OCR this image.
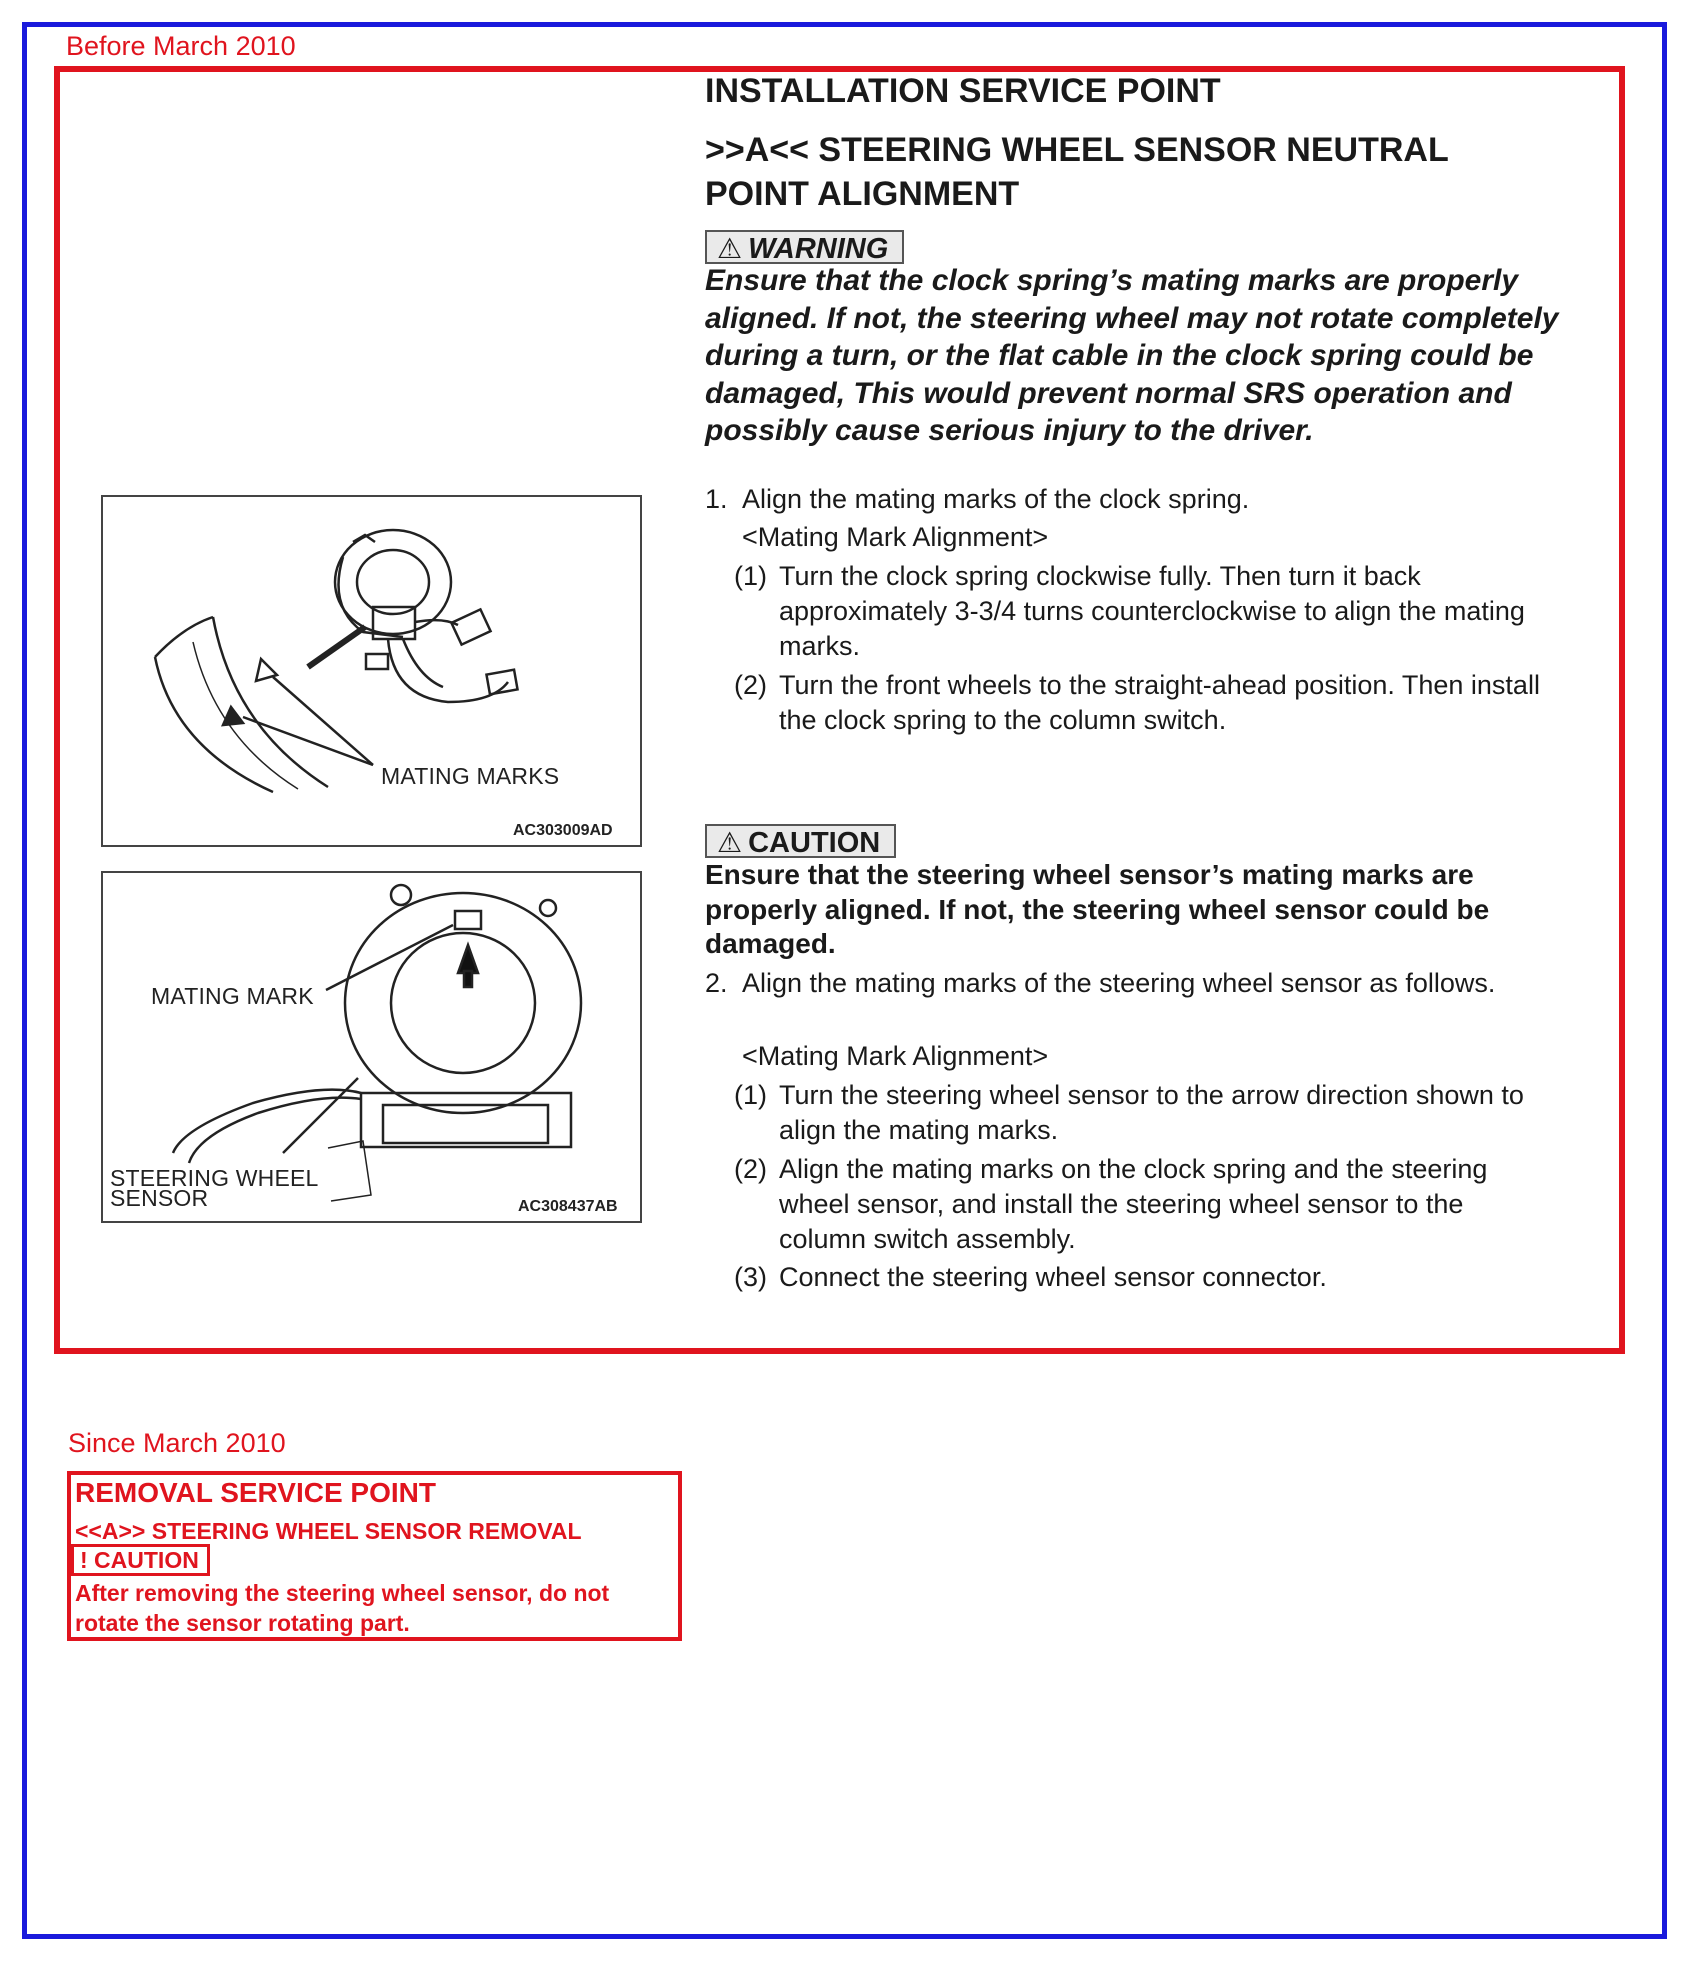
Before March 2010
MATING MARKS
AC303009AD
MATING MARK
STEERING WHEEL
SENSOR	AC308437AB
INSTALLATION SERVICE POINT
>>A<< STEERING WHEEL SENSOR NEUTRAL POINT ALIGNMENT
⚠ WARNING
Ensure that the clock spring’s mating marks are properly aligned. If not, the steering wheel may not rotate completely during a turn, or the flat cable in the clock spring could be damaged, This would prevent normal SRS operation and possibly cause serious injury to the driver.
1. Align the mating marks of the clock spring.
<Mating Mark Alignment>
(1) Turn the clock spring clockwise fully. Then turn it back approximately 3-3/4 turns counterclockwise to align the mating marks.
(2) Turn the front wheels to the straight-ahead position. Then install the clock spring to the column switch.
⚠ CAUTION
Ensure that the steering wheel sensor’s mating marks are properly aligned. If not, the steering wheel sensor could be damaged.
2. Align the mating marks of the steering wheel sensor as follows.
<Mating Mark Alignment>
(1) Turn the steering wheel sensor to the arrow direction shown to align the mating marks.
(2) Align the mating marks on the clock spring and the steering wheel sensor, and install the steering wheel sensor to the column switch assembly.
(3) Connect the steering wheel sensor connector.
Since March 2010
REMOVAL SERVICE POINT
<<A>> STEERING WHEEL SENSOR REMOVAL
! CAUTION
After removing the steering wheel sensor, do not rotate the sensor rotating part.
